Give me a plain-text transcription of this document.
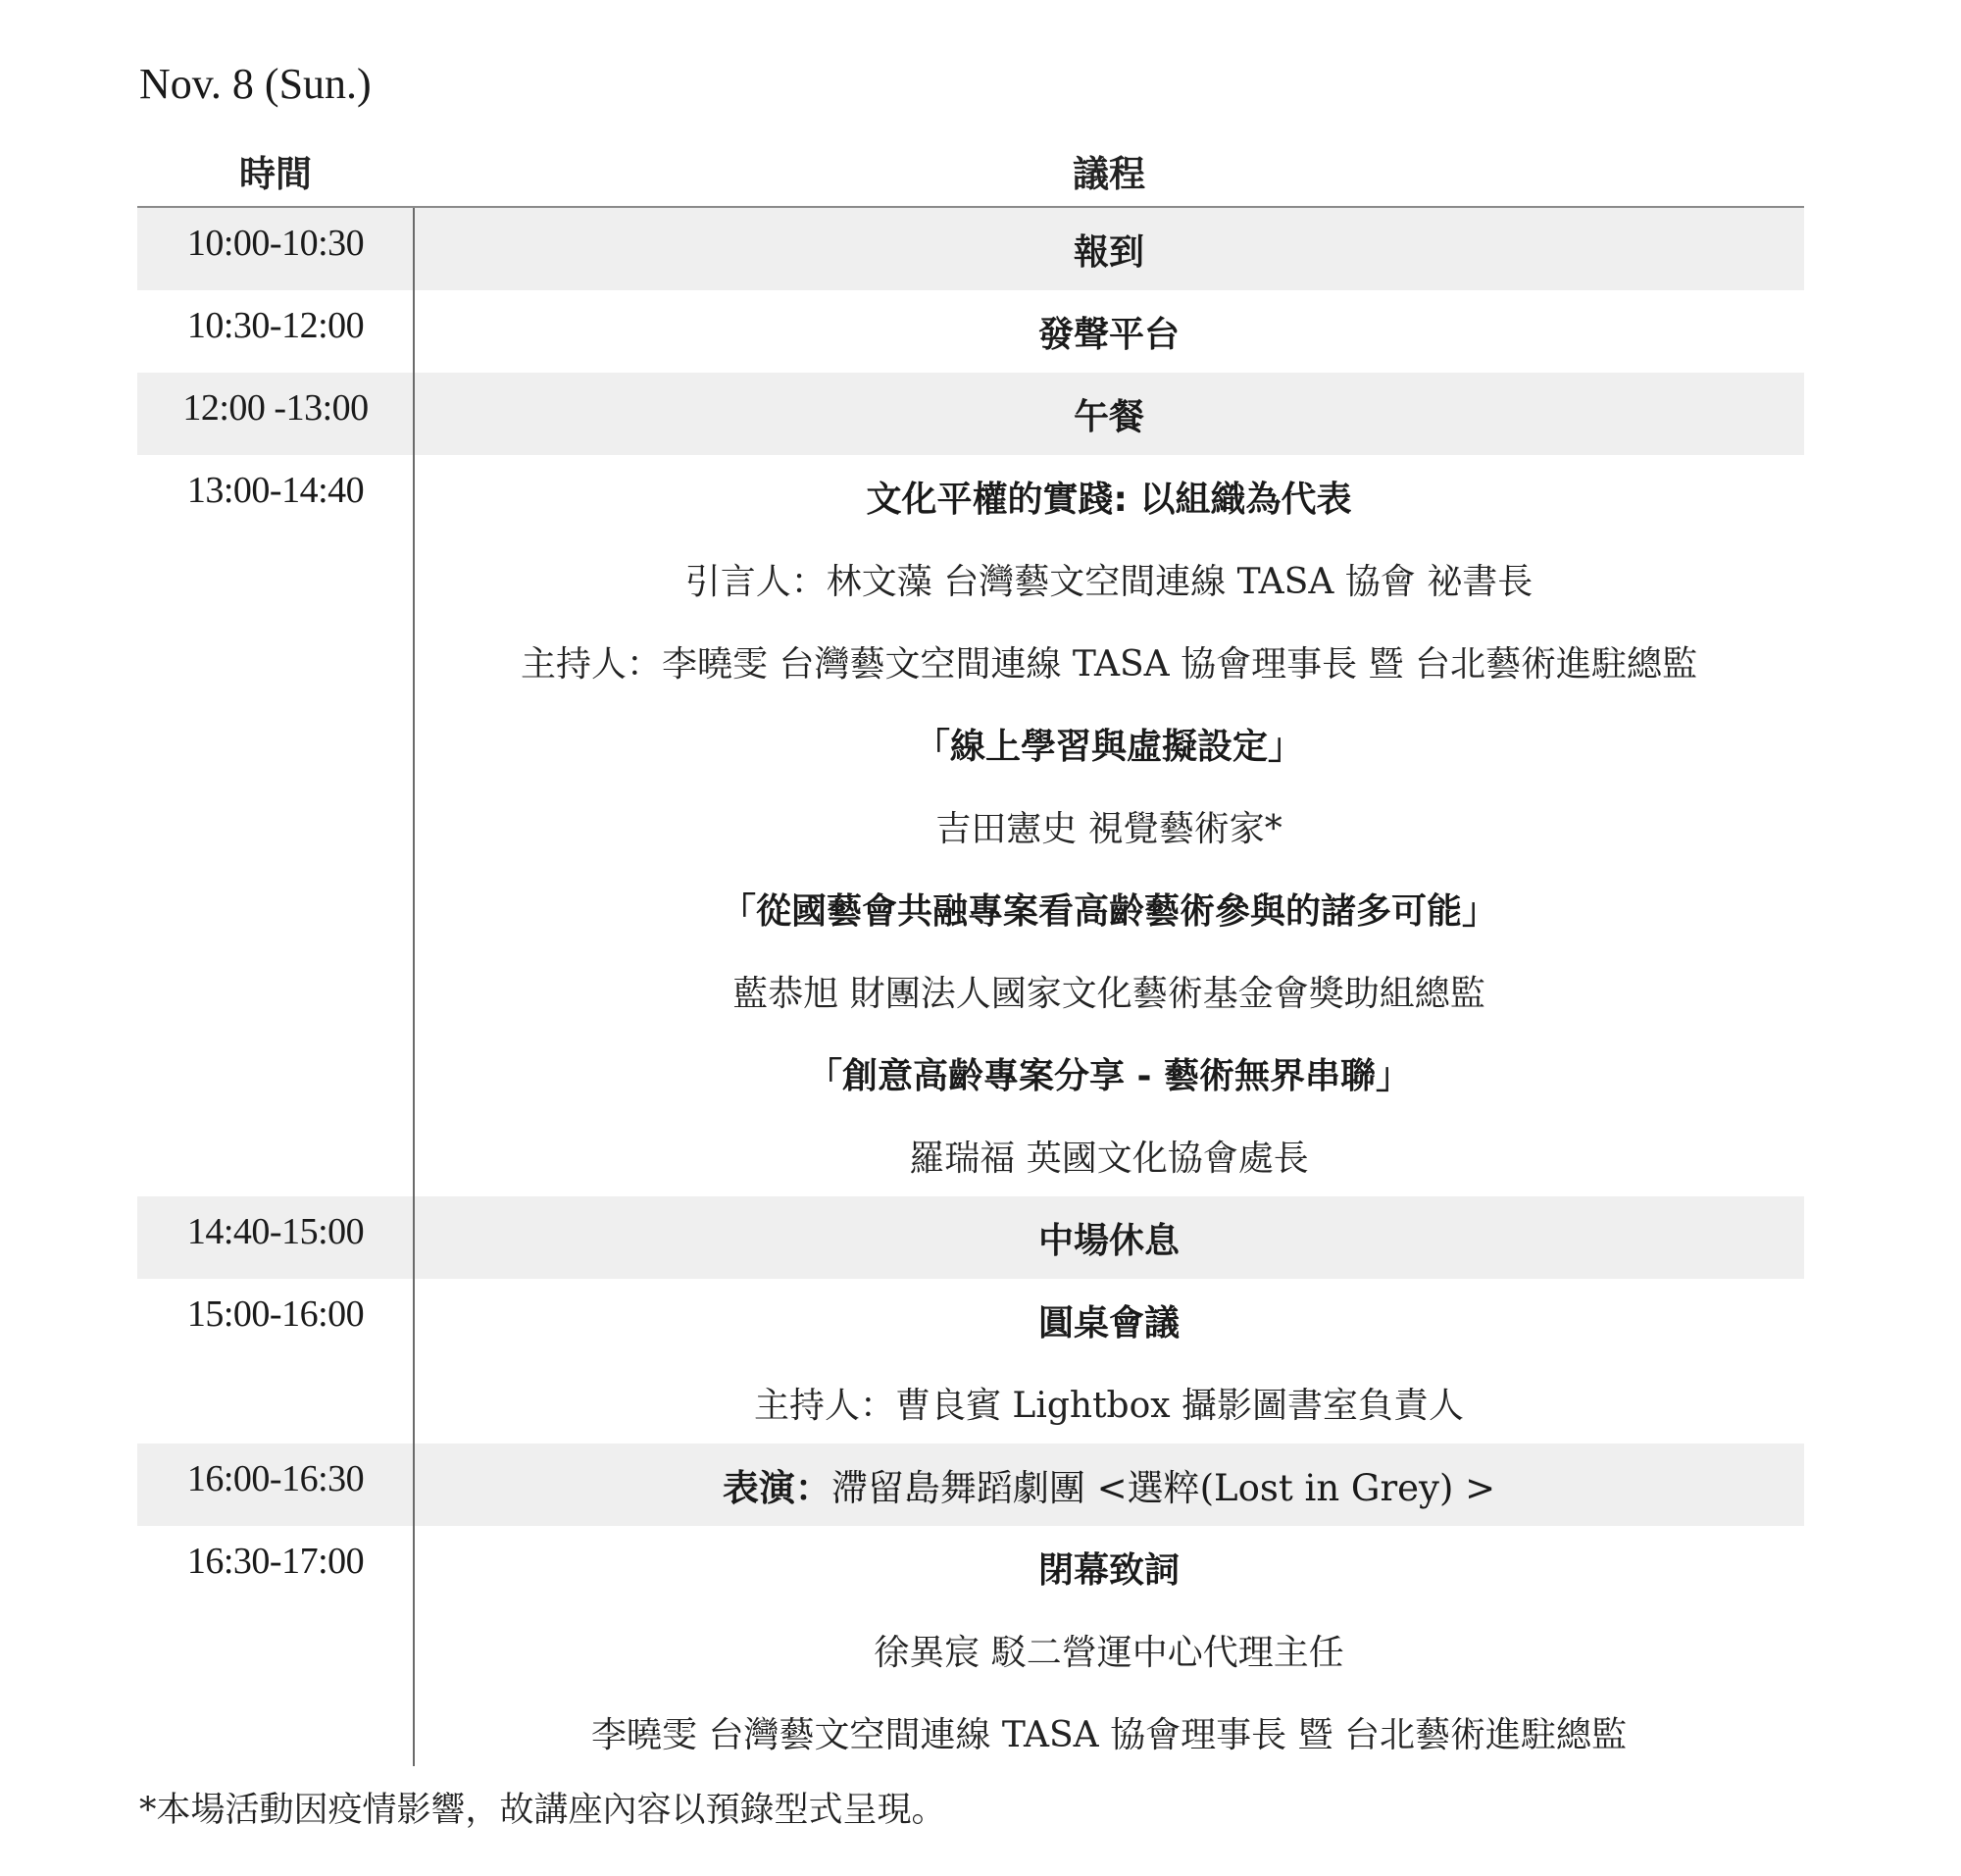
Nov. 8 (Sun.)
時間	議程
10:00-10:30	報到
10:30-12:00	發聲平台
12:00 -13:00	午餐
13:00-14:40	文化平權的實踐: 以組織為代表
引言人：林文藻 台灣藝文空間連線 TASA 協會 祕書長
主持人：李曉雯 台灣藝文空間連線 TASA 協會理事長 暨 台北藝術進駐總監
「線上學習與虛擬設定」
吉田憲史 視覺藝術家*
「從國藝會共融專案看高齡藝術參與的諸多可能」
藍恭旭 財團法人國家文化藝術基金會獎助組總監
「創意高齡專案分享 - 藝術無界串聯」
羅瑞福 英國文化協會處長
14:40-15:00	中場休息
15:00-16:00	圓桌會議
主持人：曹良賓 Lightbox 攝影圖書室負責人
16:00-16:30	表演： 滯留島舞蹈劇團 <選粹(Lost in Grey) >
16:30-17:00	閉幕致詞
徐異宸 駁二營運中心代理主任
李曉雯 台灣藝文空間連線 TASA 協會理事長 暨 台北藝術進駐總監
*本場活動因疫情影響，故講座內容以預錄型式呈現。
